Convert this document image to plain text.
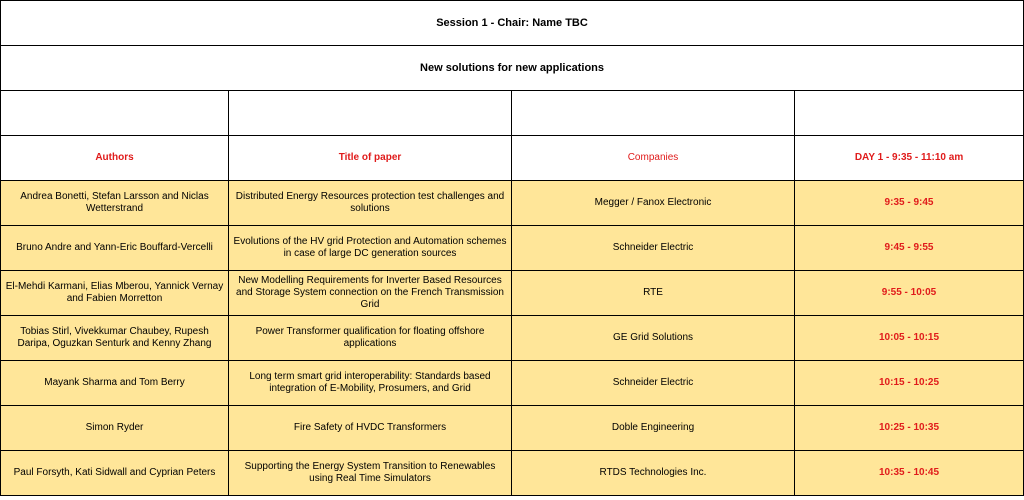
Session 1 - Chair: Name TBC			
New solutions for new applications			

Authors	Title of paper	Companies	DAY 1 - 9:35 - 11:10 am
Andrea Bonetti, Stefan Larsson and Niclas Wetterstrand	Distributed Energy Resources protection test challenges and solutions	Megger / Fanox Electronic	9:35 - 9:45
Bruno Andre and Yann-Eric Bouffard-Vercelli	Evolutions of the HV grid Protection and Automation schemes in case of large DC generation sources	Schneider Electric	9:45 - 9:55
El-Mehdi Karmani, Elias Mberou, Yannick Vernay and Fabien Morretton	New Modelling Requirements for Inverter Based Resources and Storage System connection on the French Transmission Grid	RTE	9:55 - 10:05
Tobias Stirl, Vivekkumar Chaubey, Rupesh Daripa, Oguzkan Senturk and Kenny Zhang	Power Transformer qualification for floating offshore applications	GE Grid Solutions	10:05 - 10:15
Mayank Sharma and Tom Berry	Long term smart grid interoperability: Standards based integration of E-Mobility, Prosumers, and Grid	Schneider Electric	10:15 - 10:25
Simon Ryder	Fire Safety of HVDC Transformers	Doble Engineering	10:25 - 10:35
Paul Forsyth, Kati Sidwall and Cyprian Peters	Supporting the Energy System Transition to Renewables using Real Time Simulators	RTDS Technologies Inc.	10:35 - 10:45
